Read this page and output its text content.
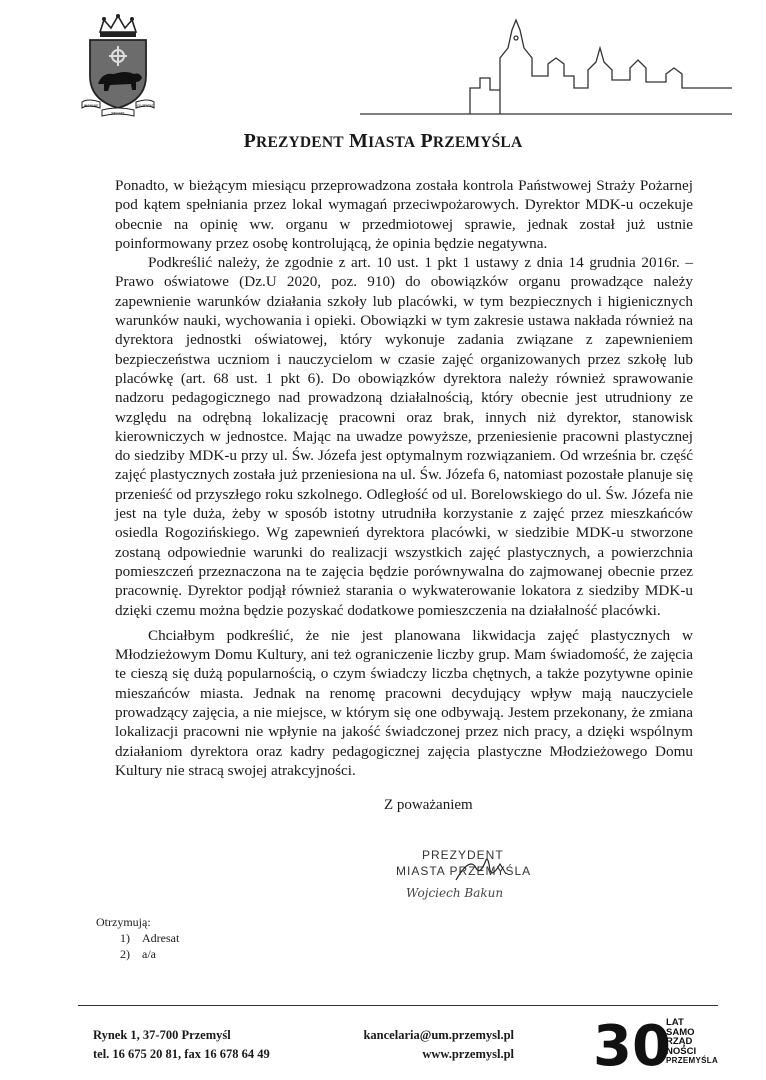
INSIGNE	CIVITATIS
REGIAE
PREZYDENT MIASTA PRZEMYŚLA

Ponadto, w bieżącym miesiącu przeprowadzona została kontrola Państwowej Straży Pożarnej pod kątem spełniania przez lokal wymagań przeciwpożarowych. Dyrektor MDK-u oczekuje obecnie na opinię ww. organu w przedmiotowej sprawie, jednak został już ustnie poinformowany przez osobę kontrolującą, że opinia będzie negatywna.

Podkreślić należy, że zgodnie z art. 10 ust. 1 pkt 1 ustawy z dnia 14 grudnia 2016r. – Prawo oświatowe (Dz.U 2020, poz. 910) do obowiązków organu prowadzące należy zapewnienie warunków działania szkoły lub placówki, w tym bezpiecznych i higienicznych warunków nauki, wychowania i opieki. Obowiązki w tym zakresie ustawa nakłada również na dyrektora jednostki oświatowej, który wykonuje zadania związane z zapewnieniem bezpieczeństwa uczniom i nauczycielom w czasie zajęć organizowanych przez szkołę lub placówkę (art. 68 ust. 1 pkt 6). Do obowiązków dyrektora należy również sprawowanie nadzoru pedagogicznego nad prowadzoną działalnością, który obecnie jest utrudniony ze względu na odrębną lokalizację pracowni oraz brak, innych niż dyrektor, stanowisk kierowniczych w jednostce. Mając na uwadze powyższe, przeniesienie pracowni plastycznej do siedziby MDK-u przy ul. Św. Józefa jest optymalnym rozwiązaniem. Od września br. część zajęć plastycznych została już przeniesiona na ul. Św. Józefa 6, natomiast pozostałe planuje się przenieść od przyszłego roku szkolnego. Odległość od ul. Borelowskiego do ul. Św. Józefa nie jest na tyle duża, żeby w sposób istotny utrudniła korzystanie z zajęć przez mieszkańców osiedla Rogozińskiego. Wg zapewnień dyrektora placówki, w siedzibie MDK-u stworzone zostaną odpowiednie warunki do realizacji wszystkich zajęć plastycznych, a powierzchnia pomieszczeń przeznaczona na te zajęcia będzie porównywalna do zajmowanej obecnie przez pracownię. Dyrektor podjął również starania o wykwaterowanie lokatora z siedziby MDK-u dzięki czemu można będzie pozyskać dodatkowe pomieszczenia na działalność placówki.

Chciałbym podkreślić, że nie jest planowana likwidacja zajęć plastycznych w Młodzieżowym Domu Kultury, ani też ograniczenie liczby grup. Mam świadomość, że zajęcia te cieszą się dużą popularnością, o czym świadczy liczba chętnych, a także pozytywne opinie mieszańców miasta. Jednak na renomę pracowni decydujący wpływ mają nauczyciele prowadzący zajęcia, a nie miejsce, w którym się one odbywają. Jestem przekonany, że zmiana lokalizacji pracowni nie wpłynie na jakość świadczonej przez nich pracy, a dzięki wspólnym działaniom dyrektora oraz kadry pedagogicznej zajęcia plastyczne Młodzieżowego Domu Kultury nie stracą swojej atrakcyjności.

Z poważaniem
PREZYDENT
MIASTA PRZEMYŚLA
Wojciech Bakun
Otrzymują:
1) Adresat
2) a/a
Rynek 1, 37-700 Przemyśl
tel. 16 675 20 81, fax 16 678 64 49
kancelaria@um.przemysl.pl
www.przemysl.pl 30
LAT
SAMO
RZĄD
NOŚCI
PRZEMYŚLA
